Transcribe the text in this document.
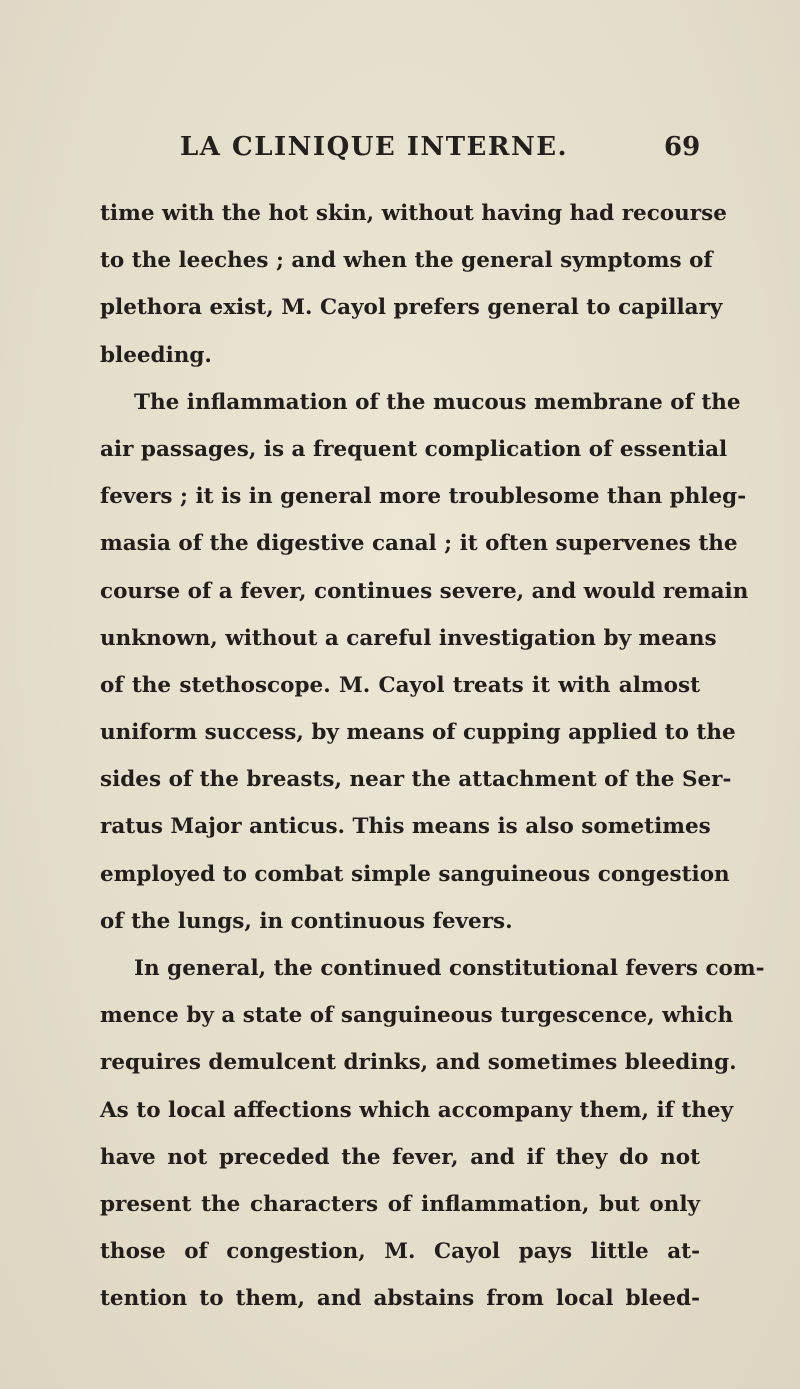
LA CLINIQUE INTERNE.	69
time with the hot skin, without having had recourse
to the leeches ; and when the general symptoms of
plethora exist, M. Cayol prefers general to capillary
bleeding.
The inflammation of the mucous membrane of the
air passages, is a frequent complication of essential
fevers ; it is in general more troublesome than phleg-
masia of the digestive canal ; it often supervenes the
course of a fever, continues severe, and would remain
unknown, without a careful investigation by means
of the stethoscope. M. Cayol treats it with almost
uniform success, by means of cupping applied to the
sides of the breasts, near the attachment of the Ser-
ratus Major anticus. This means is also sometimes
employed to combat simple sanguineous congestion
of the lungs, in continuous fevers.
In general, the continued constitutional fevers com-
mence by a state of sanguineous turgescence, which
requires demulcent drinks, and sometimes bleeding.
As to local affections which accompany them, if they
have not preceded the fever, and if they do not
present the characters of inflammation, but only
those of congestion, M. Cayol pays little at-
tention to them, and abstains from local bleed-
